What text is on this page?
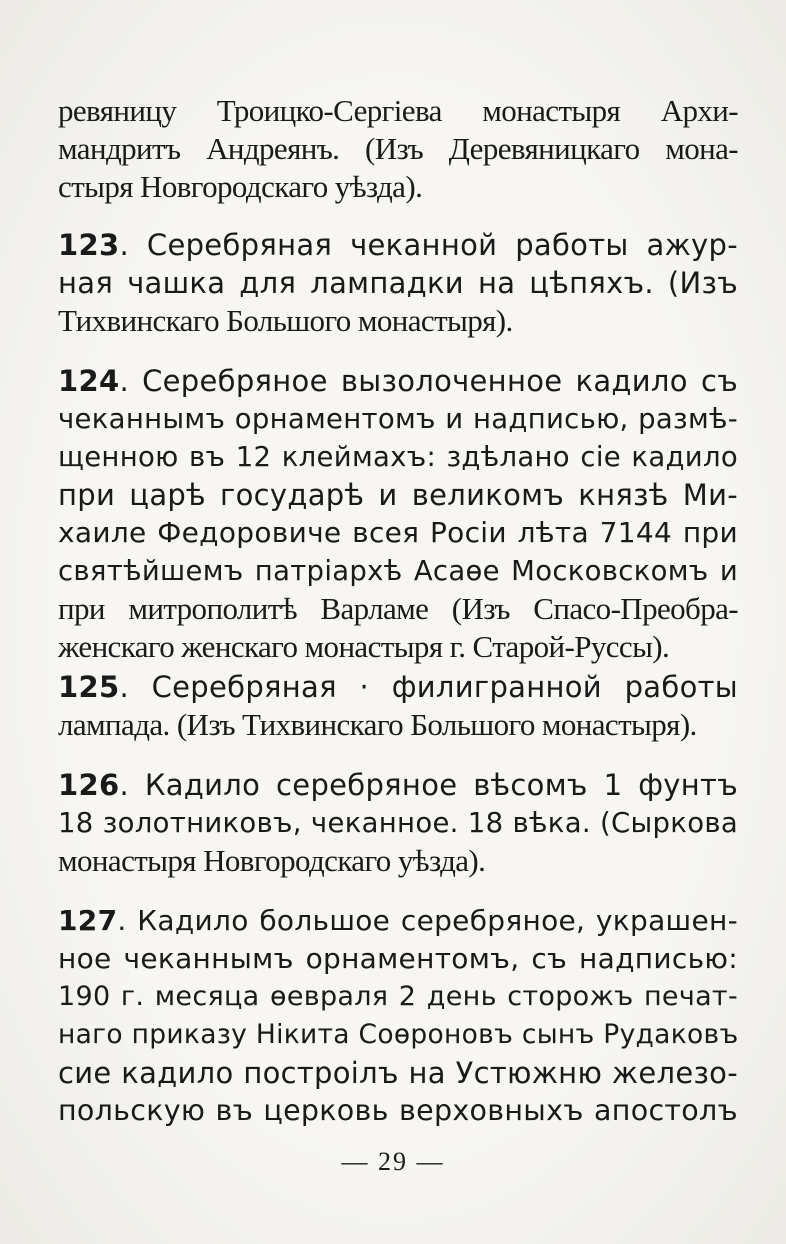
ревяницу Троицко-Сергіева монастыря Архи-
мандритъ Андреянъ. (Изъ Деревяницкаго мона-
стыря Новгородскаго уѣзда).
123. Серебряная чеканной работы ажур-
ная чашка для лампадки на цѣпяхъ. (Изъ
Тихвинскаго Большого монастыря).
124. Серебряное вызолоченное кадило съ
чеканнымъ орнаментомъ и надписью, размѣ-
щенною въ 12 клеймахъ: здѣлано сіе кадило
при царѣ государѣ и великомъ князѣ Ми-
хаиле Федоровиче всея Росіи лѣта 7144 при
святѣйшемъ патріархѣ Асаѳе Московскомъ и
при митрополитѣ Варламе (Изъ Спасо-Преобра-
женскаго женскаго монастыря г. Старой-Руссы).
125. Серебряная · филигранной работы
лампада. (Изъ Тихвинскаго Большого монастыря).
126. Кадило серебряное вѣсомъ 1 фунтъ
18 золотниковъ, чеканное. 18 вѣка. (Сыркова
монастыря Новгородскаго уѣзда).
127. Кадило большое серебряное, украшен-
ное чеканнымъ орнаментомъ, съ надписью:
190 г. месяца ѳевраля 2 день сторожъ печат-
наго приказу Нікита Соѳроновъ сынъ Рудаковъ
сие кадило построілъ на Устюжню железо-
польскую въ церковь верховныхъ апостолъ
— 29 —
